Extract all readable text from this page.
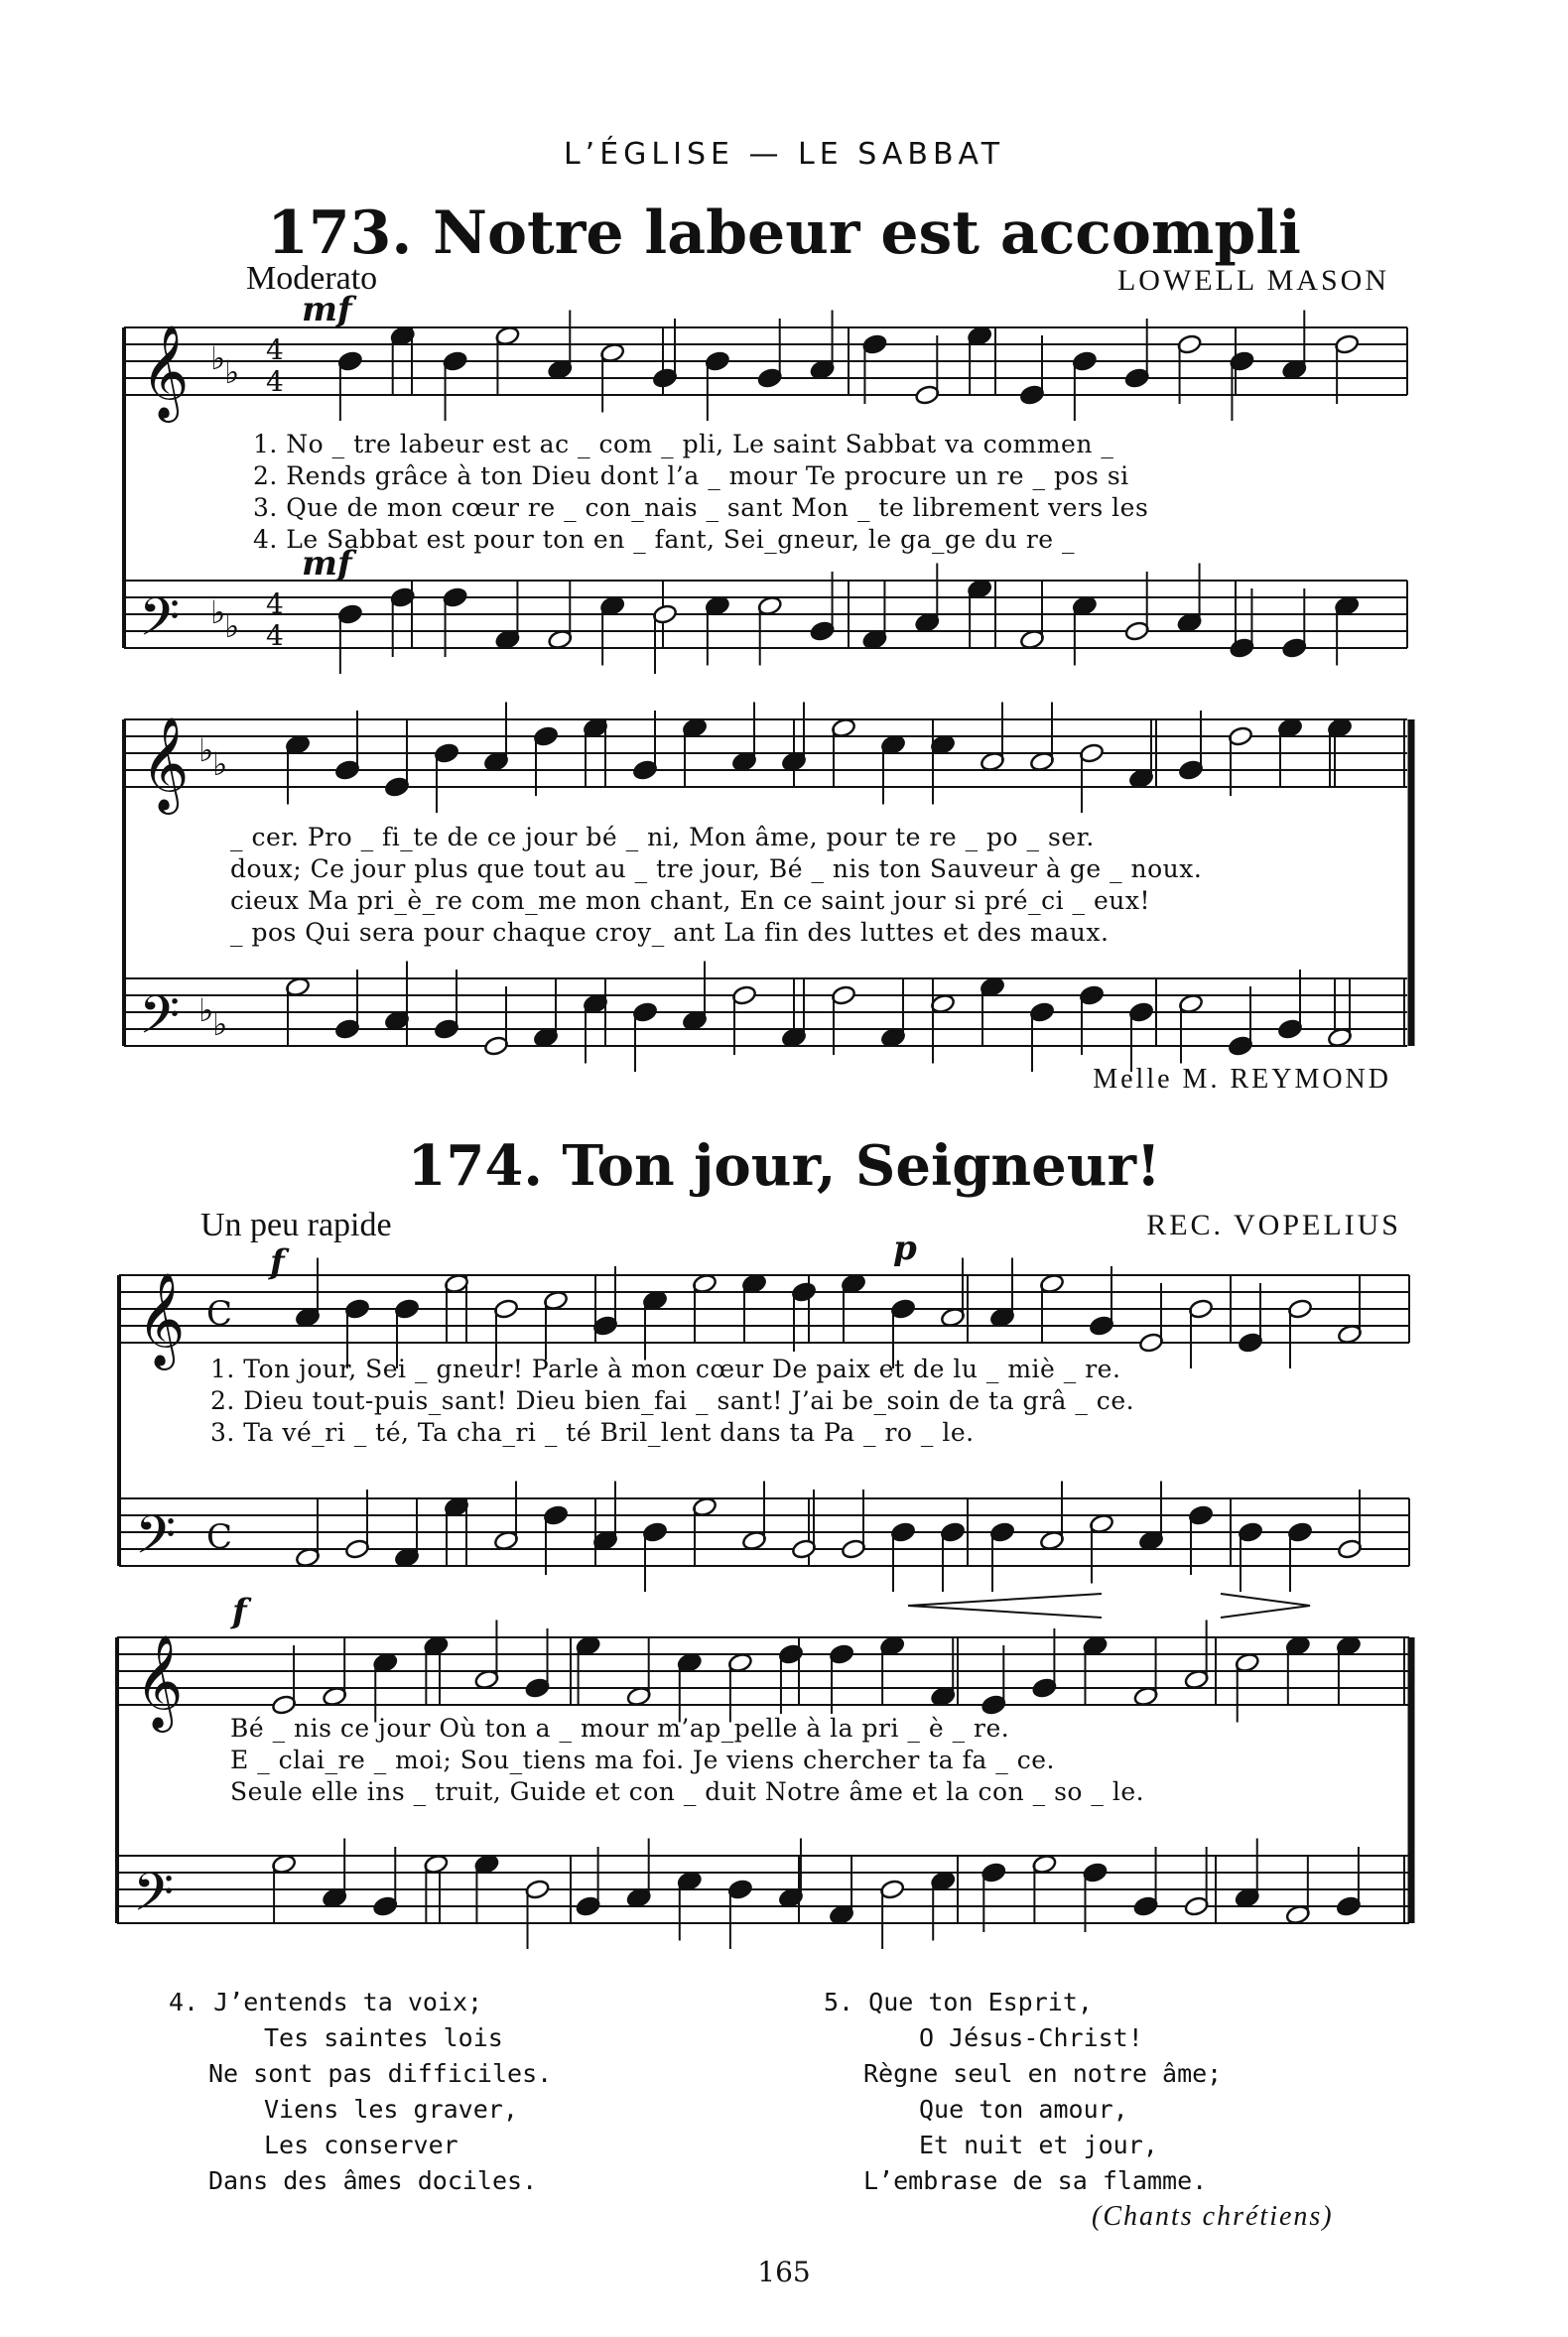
L’ÉGLISE — LE SABBAT
165
173. Notre labeur est accompli
Moderato	LOWELL MASON
mf
mf
1. No _ tre labeur est ac _ com _ pli, Le saint Sabbat va commen _
2. Rends grâce à ton Dieu dont l’a _ mour Te procure un re _ pos si
3. Que de mon cœur re _ con_nais _ sant Mon _ te librement vers les
4. Le Sabbat est pour ton en _ fant, Sei_gneur, le ga_ge du re _
_ cer. Pro _ fi_te de ce jour bé _ ni, Mon âme, pour te re _ po _ ser.
doux; Ce jour plus que tout au _ tre jour, Bé _ nis ton Sauveur à ge _ noux.
cieux Ma pri_è_re com_me mon chant, En ce saint jour si pré_ci _ eux!
_ pos Qui sera pour chaque croy_ ant La fin des luttes et des maux.
Melle M. REYMOND
174. Ton jour, Seigneur!
Un peu rapide	REC. VOPELIUS
f	p
f
1. Ton jour, Sei _ gneur! Parle à mon cœur De paix et de lu _ miè _ re.
2. Dieu tout-puis_sant! Dieu bien_fai _ sant! J’ai be_soin de ta grâ _ ce.
3. Ta vé_ri _ té, Ta cha_ri _ té Bril_lent dans ta Pa _ ro _ le.
Bé _ nis ce jour Où ton a _ mour m’ap_pelle à la pri _ è _ re.
E _ clai_re _ moi; Sou_tiens ma foi. Je viens chercher ta fa _ ce.
Seule elle ins _ truit, Guide et con _ duit Notre âme et la con _ so _ le.
4. J’entends ta voix;
Tes saintes lois
Ne sont pas difficiles.
Viens les graver,
Les conserver
Dans des âmes dociles.
5. Que ton Esprit,
O Jésus-Christ!
Règne seul en notre âme;
Que ton amour,
Et nuit et jour,
L’embrase de sa flamme.
(Chants chrétiens)
𝄞
𝄢
♭
♭
♭
♭
4
4
4
4
𝄞
𝄢
♭
♭
♭
♭
𝄞
𝄢
C
C
𝄞
𝄢
